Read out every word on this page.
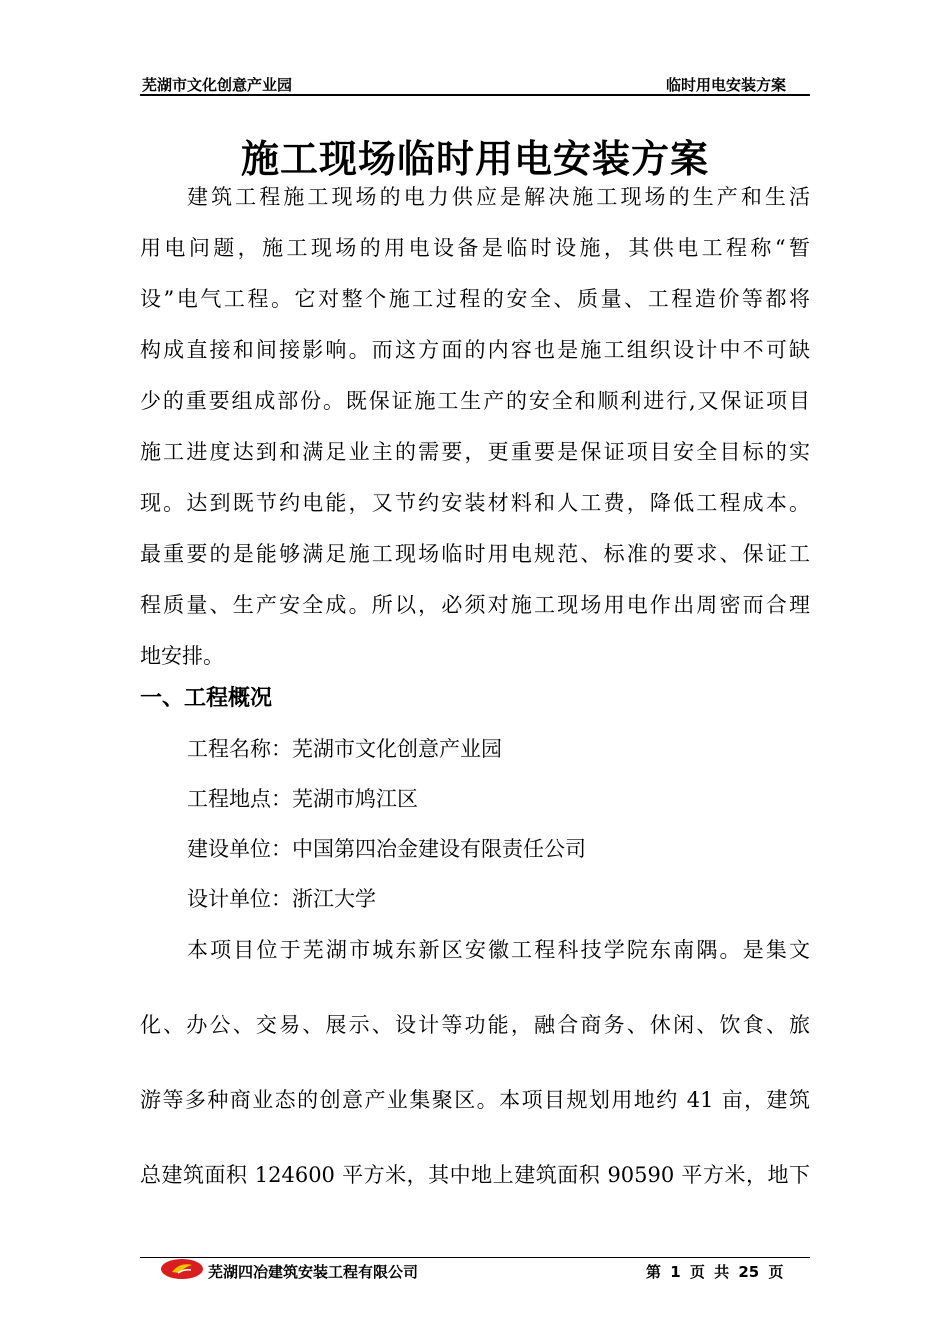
芜湖市文化创意产业园	临时用电安装方案
施工现场临时用电安装方案
建筑工程施工现场的电力供应是解决施工现场的生产和生活
用电问题，施工现场的用电设备是临时设施，其供电工程称“暂
设”电气工程。它对整个施工过程的安全、质量、工程造价等都将
构成直接和间接影响。而这方面的内容也是施工组织设计中不可缺
少的重要组成部份。既保证施工生产的安全和顺利进行,又保证项目
施工进度达到和满足业主的需要，更重要是保证项目安全目标的实
现。达到既节约电能，又节约安装材料和人工费，降低工程成本。
最重要的是能够满足施工现场临时用电规范、标准的要求、保证工
程质量、生产安全成。所以，必须对施工现场用电作出周密而合理
地安排。
一、工程概况
工程名称：芜湖市文化创意产业园
工程地点：芜湖市鸠江区
建设单位：中国第四冶金建设有限责任公司
设计单位：浙江大学
本项目位于芜湖市城东新区安徽工程科技学院东南隅。是集文
化、办公、交易、展示、设计等功能，融合商务、休闲、饮食、旅
游等多种商业态的创意产业集聚区。本项目规划用地约 41 亩，建筑
总建筑面积 124600 平方米，其中地上建筑面积 90590 平方米，地下
芜湖四冶建筑安装工程有限公司	第 1 页 共 25 页
